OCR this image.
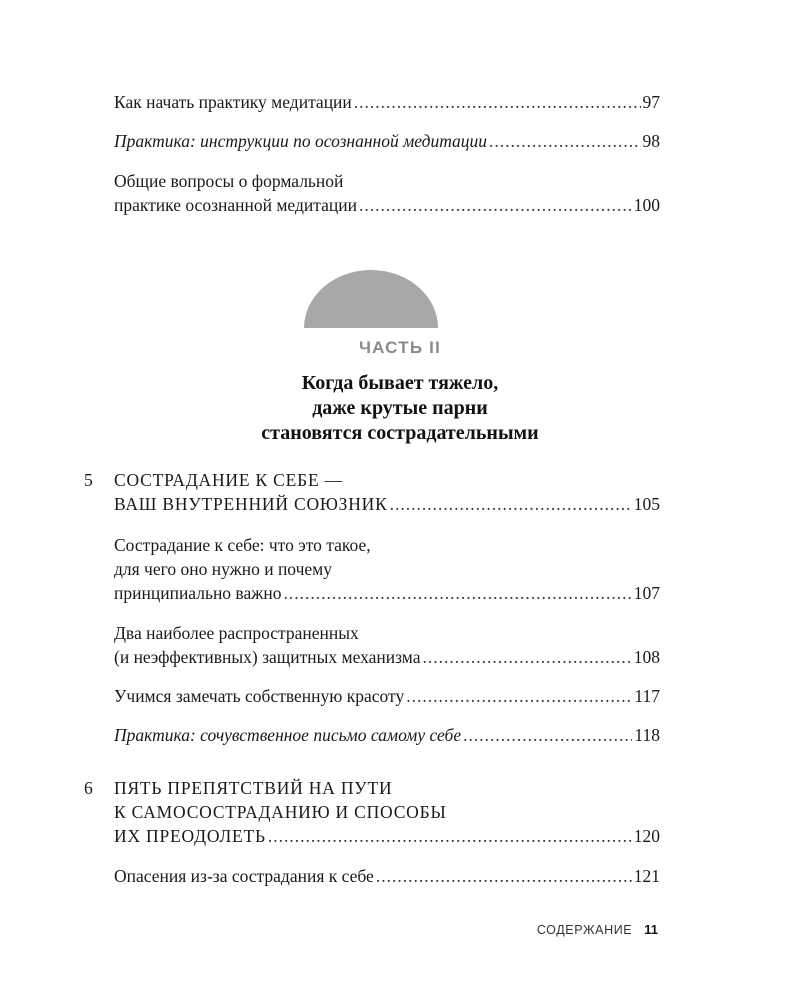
Как начать практику медитации .....	97
Практика: инструкции по осознанной медитации .....	98
Общие вопросы о формальной
практике осознанной медитации .....	100
ЧАСТЬ II
Когда бывает тяжело,
даже крутые парни
становятся сострадательными
5 СОСТРАДАНИЕ К СЕБЕ —
ВАШ ВНУТРЕННИЙ СОЮЗНИК .....	105
Сострадание к себе: что это такое,
для чего оно нужно и почему
принципиально важно .....	107
Два наиболее распространенных
(и неэффективных) защитных механизма .....	108
Учимся замечать собственную красоту .....	117
Практика: сочувственное письмо самому себе .....	118
6 ПЯТЬ ПРЕПЯТСТВИЙ НА ПУТИ
К САМОСОСТРАДАНИЮ И СПОСОБЫ
ИХ ПРЕОДОЛЕТЬ .....	120
Опасения из-за сострадания к себе .....	121
СОДЕРЖАНИЕ 11
